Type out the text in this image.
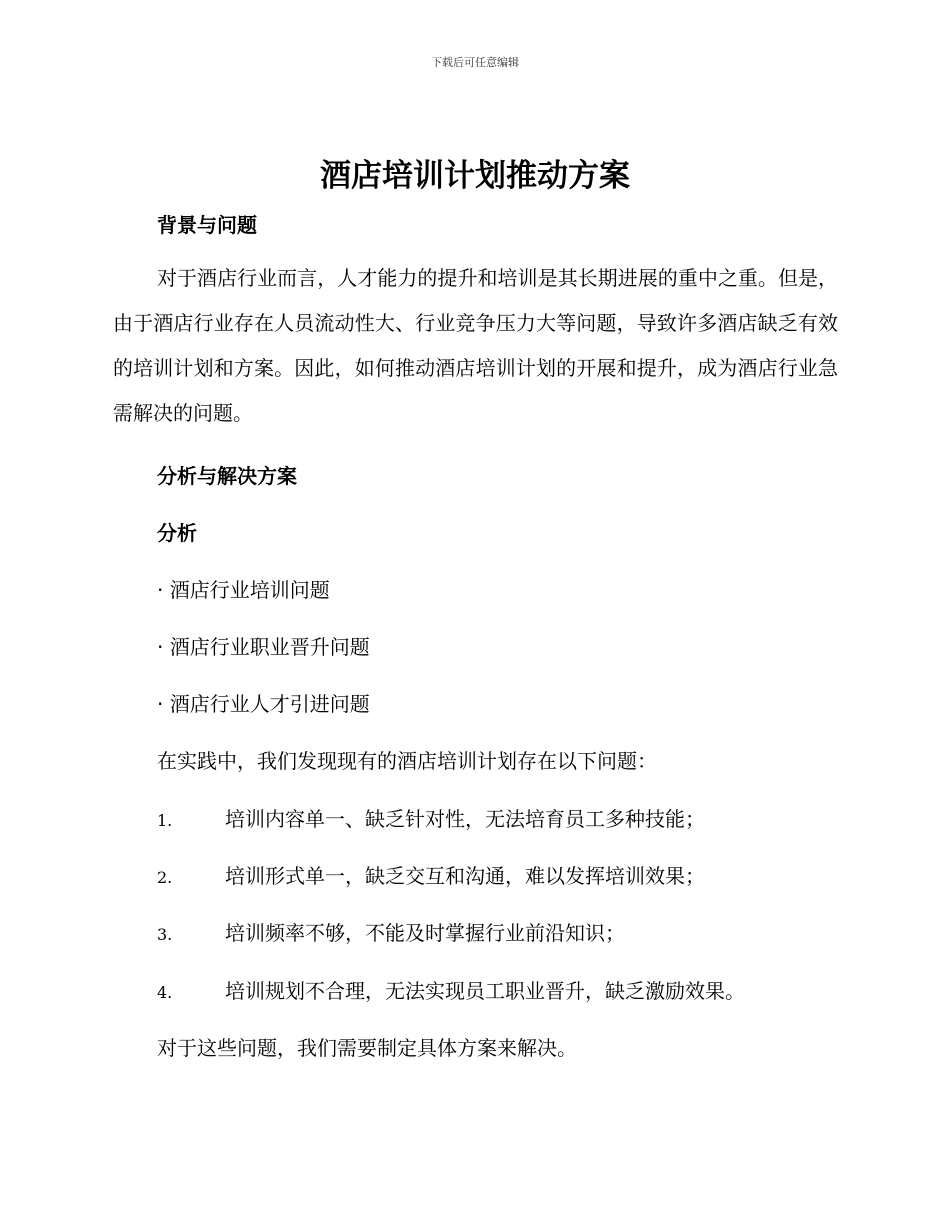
下载后可任意编辑
酒店培训计划推动方案
背景与问题

对于酒店行业而言，人才能力的提升和培训是其长期进展的重中之重。但是，由于酒店行业存在人员流动性大、行业竞争压力大等问题，导致许多酒店缺乏有效的培训计划和方案。因此，如何推动酒店培训计划的开展和提升，成为酒店行业急需解决的问题。

分析与解决方案
分析

· 酒店行业培训问题

· 酒店行业职业晋升问题

· 酒店行业人才引进问题

在实践中，我们发现现有的酒店培训计划存在以下问题：

1.	培训内容单一、缺乏针对性，无法培育员工多种技能；
2.	培训形式单一，缺乏交互和沟通，难以发挥培训效果；
3.	培训频率不够，不能及时掌握行业前沿知识；
4.	培训规划不合理，无法实现员工职业晋升，缺乏激励效果。

对于这些问题，我们需要制定具体方案来解决。
